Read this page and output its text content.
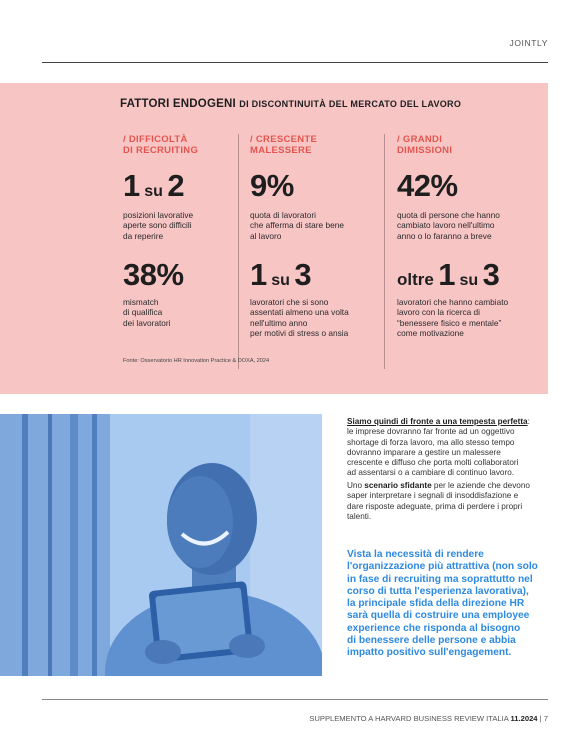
JOINTLY
FATTORI ENDOGENI DI DISCONTINUITÀ DEL MERCATO DEL LAVORO
/ DIFFICOLTÀ
DI RECRUITING
1 su 2
posizioni lavorative
aperte sono difficili
da reperire
38%
mismatch
di qualifica
dei lavoratori
/ CRESCENTE
MALESSERE
9%
quota di lavoratori
che afferma di stare bene
al lavoro
1 su 3
lavoratori che si sono
assentati almeno una volta
nell'ultimo anno
per motivi di stress o ansia
/ GRANDI
DIMISSIONI
42%
quota di persone che hanno
cambiato lavoro nell'ultimo
anno o lo faranno a breve
oltre 1 su 3
lavoratori che hanno cambiato
lavoro con la ricerca di
“benessere fisico e mentale”
come motivazione
Fonte: Osservatorio HR Innovation Practice & DOXA, 2024
Siamo quindi di fronte a una tempesta perfetta:
le imprese dovranno far fronte ad un oggettivo
shortage di forza lavoro, ma allo stesso tempo
dovranno imparare a gestire un malessere
crescente e diffuso che porta molti collaboratori
ad assentarsi o a cambiare di continuo lavoro.
Uno scenario sfidante per le aziende che devono
saper interpretare i segnali di insoddisfazione e
dare risposte adeguate, prima di perdere i propri
talenti.
Vista la necessità di rendere
l'organizzazione più attrattiva (non solo
in fase di recruiting ma soprattutto nel
corso di tutta l'esperienza lavorativa),
la principale sfida della direzione HR
sarà quella di costruire una employee
experience che risponda al bisogno
di benessere delle persone e abbia
impatto positivo sull'engagement.
SUPPLEMENTO A HARVARD BUSINESS REVIEW ITALIA 11.2024 | 7
